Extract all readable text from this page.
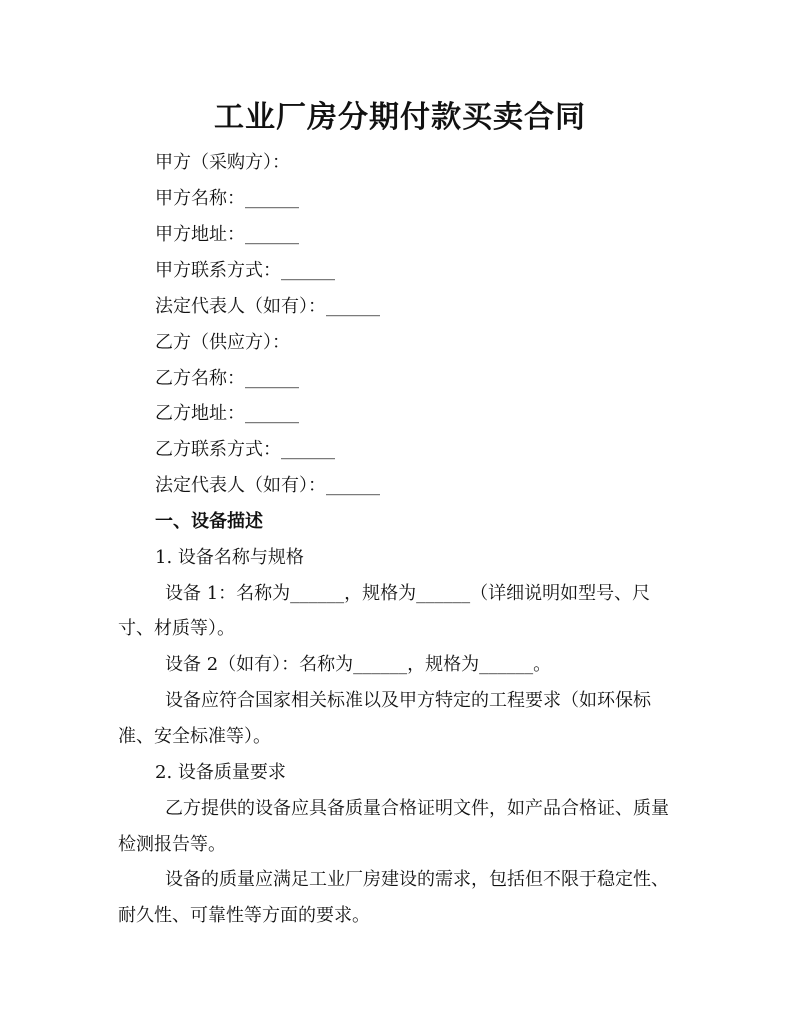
工业厂房分期付款买卖合同

甲方（采购方）：

甲方名称：______

甲方地址：______

甲方联系方式：______

法定代表人（如有）：______

乙方（供应方）：

乙方名称：______

乙方地址：______

乙方联系方式：______

法定代表人（如有）：______

一、设备描述

1. 设备名称与规格

设备 1：名称为______，规格为______（详细说明如型号、尺

寸、材质等）。

设备 2（如有）：名称为______，规格为______。

设备应符合国家相关标准以及甲方特定的工程要求（如环保标

准、安全标准等）。

2. 设备质量要求

乙方提供的设备应具备质量合格证明文件，如产品合格证、质量

检测报告等。

设备的质量应满足工业厂房建设的需求，包括但不限于稳定性、

耐久性、可靠性等方面的要求。
